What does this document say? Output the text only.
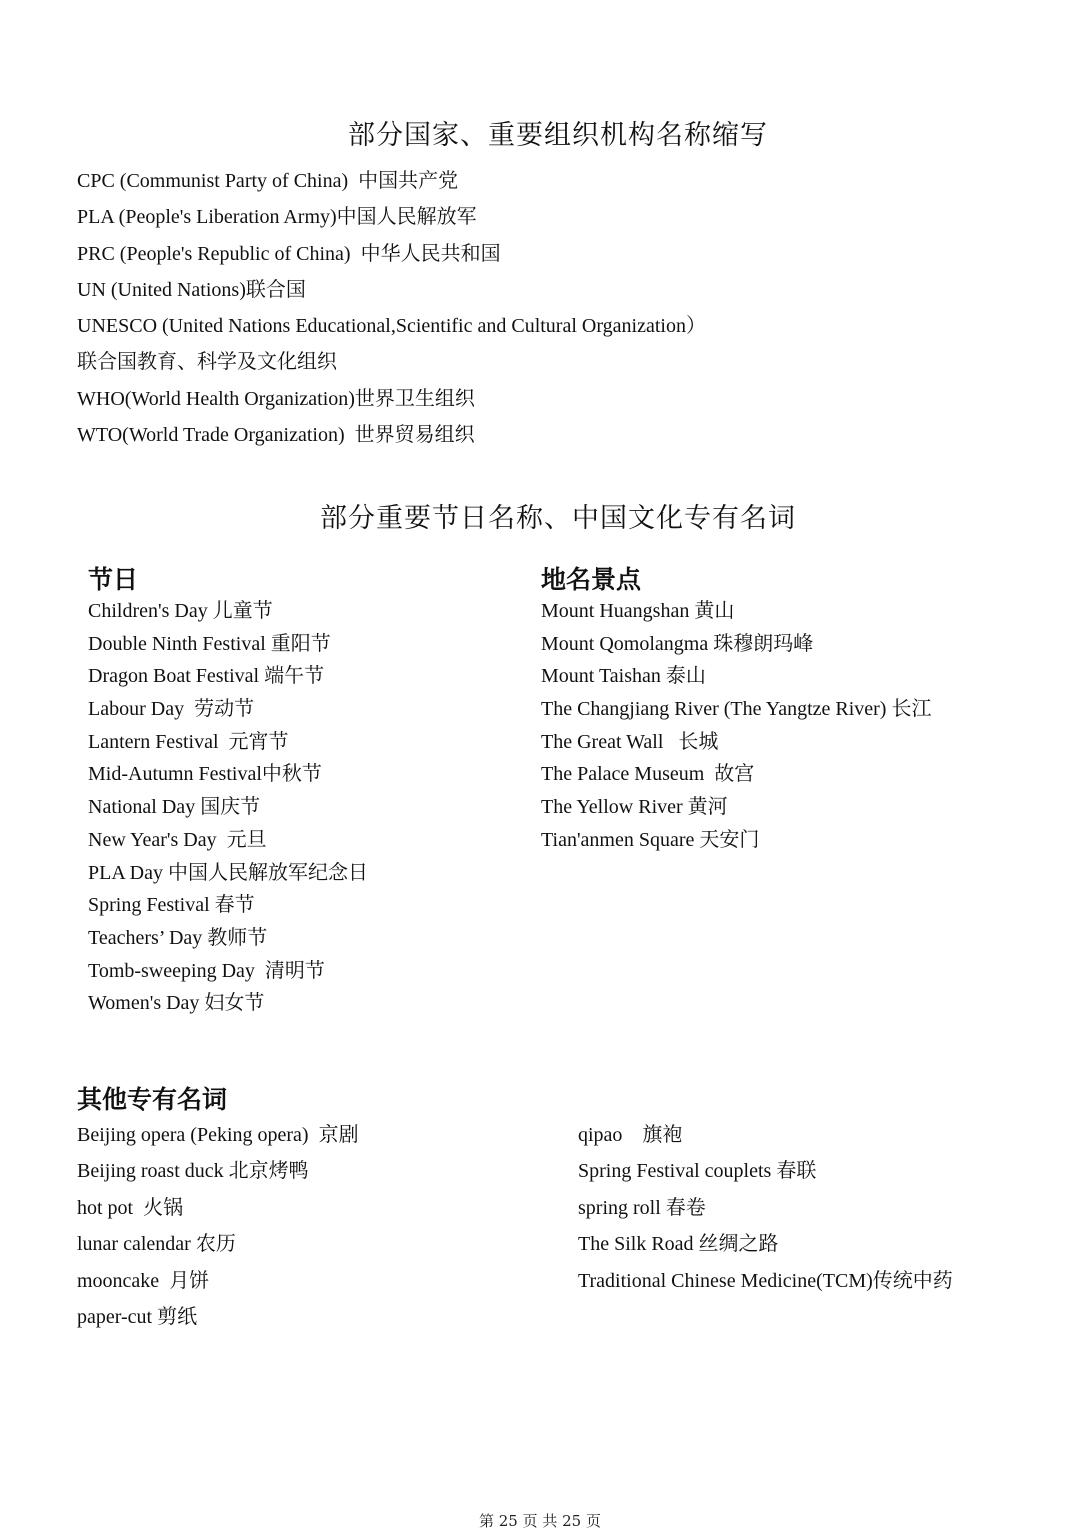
部分国家、重要组织机构名称缩写
CPC (Communist Party of China)  中国共产党
PLA (People's Liberation Army)中国人民解放军
PRC (People's Republic of China)  中华人民共和国
UN (United Nations)联合国
UNESCO (United Nations Educational,Scientific and Cultural Organization）
联合国教育、科学及文化组织
WHO(World Health Organization)世界卫生组织
WTO(World Trade Organization)  世界贸易组织
部分重要节日名称、中国文化专有名词
节日
Children's Day 儿童节
Double Ninth Festival 重阳节
Dragon Boat Festival 端午节
Labour Day  劳动节
Lantern Festival  元宵节
Mid-Autumn Festival中秋节
National Day 国庆节
New Year's Day  元旦
PLA Day 中国人民解放军纪念日
Spring Festival 春节
Teachers’ Day 教师节
Tomb-sweeping Day  清明节
Women's Day 妇女节
地名景点
Mount Huangshan 黄山
Mount Qomolangma 珠穆朗玛峰
Mount Taishan 泰山
The Changjiang River (The Yangtze River) 长江
The Great Wall   长城
The Palace Museum  故宫
The Yellow River 黄河
Tian'anmen Square 天安门
其他专有名词
Beijing opera (Peking opera)  京剧
Beijing roast duck 北京烤鸭
hot pot  火锅
lunar calendar 农历
mooncake  月饼
paper-cut 剪纸
qipao    旗袍
Spring Festival couplets 春联
spring roll 春卷
The Silk Road 丝绸之路
Traditional Chinese Medicine(TCM)传统中药

第 25 页 共 25 页
